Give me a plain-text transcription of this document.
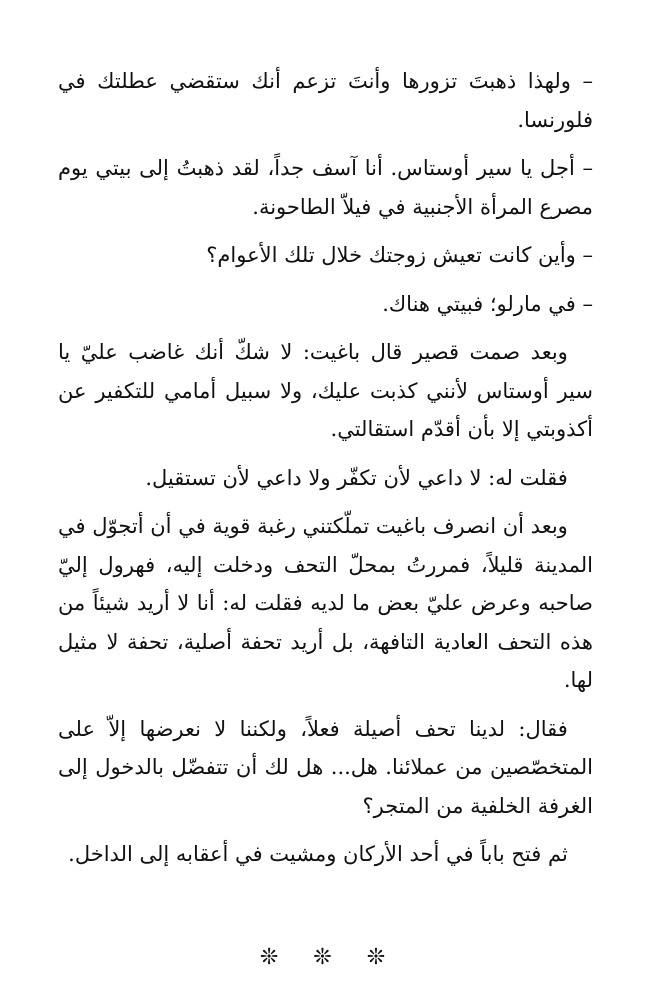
– ولهذا ذهبتَ تزورها وأنتَ تزعم أنك ستقضي عطلتك في فلورنسا.

– أجل يا سير أوستاس. أنا آسف جداً، لقد ذهبتُ إلى بيتي يوم مصرع المرأة الأجنبية في فيلاّ الطاحونة.

– وأين كانت تعيش زوجتك خلال تلك الأعوام؟

– في مارلو؛ فبيتي هناك.

وبعد صمت قصير قال باغيت: لا شكّ أنك غاضب عليّ يا سير أوستاس لأنني كذبت عليك، ولا سبيل أمامي للتكفير عن أكذوبتي إلا بأن أقدّم استقالتي.

فقلت له: لا داعي لأن تكفّر ولا داعي لأن تستقيل.

وبعد أن انصرف باغيت تملّكتني رغبة قوية في أن أتجوّل في المدينة قليلاً، فمررتُ بمحلّ التحف ودخلت إليه، فهرول إليّ صاحبه وعرض عليّ بعض ما لديه فقلت له: أنا لا أريد شيئاً من هذه التحف العادية التافهة، بل أريد تحفة أصلية، تحفة لا مثيل لها.

فقال: لدينا تحف أصيلة فعلاً، ولكننا لا نعرضها إلاّ على المتخصّصين من عملائنا. هل... هل لك أن تتفضّل بالدخول إلى الغرفة الخلفية من المتجر؟

ثم فتح باباً في أحد الأركان ومشيت في أعقابه إلى الداخل.

❊ ❊ ❊
